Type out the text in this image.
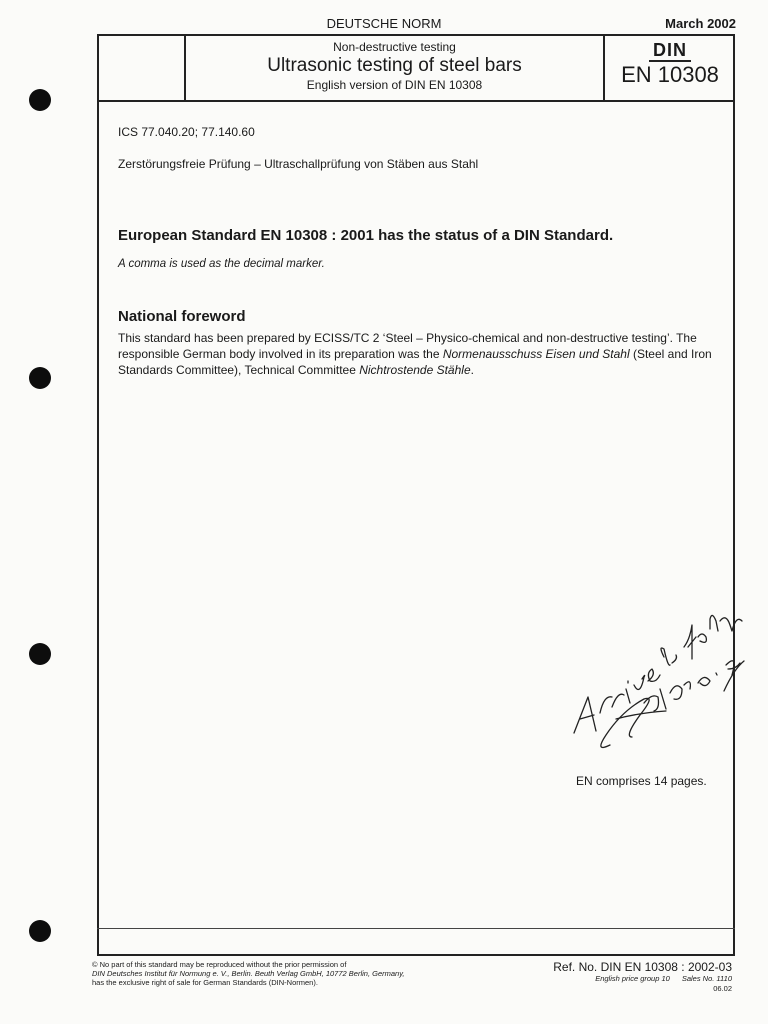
DEUTSCHE NORM	March 2002
Non-destructive testing
Ultrasonic testing of steel bars
English version of DIN EN 10308
DIN
EN 10308
ICS 77.040.20; 77.140.60
Zerstörungsfreie Prüfung – Ultraschallprüfung von Stäben aus Stahl
European Standard EN 10308 : 2001 has the status of a DIN Standard.
A comma is used as the decimal marker.
National foreword
This standard has been prepared by ECISS/TC 2 ‘Steel – Physico-chemical and non-destructive testing’. The responsible German body involved in its preparation was the Normenausschuss Eisen und Stahl (Steel and Iron Standards Committee), Technical Committee Nichtrostende Stähle.
EN comprises 14 pages.
© No part of this standard may be reproduced without the prior permission of
DIN Deutsches Institut für Normung e. V., Berlin. Beuth Verlag GmbH, 10772 Berlin, Germany,
has the exclusive right of sale for German Standards (DIN-Normen).
Ref. No. DIN EN 10308 : 2002-03
English price group 10 Sales No. 1110
06.02
